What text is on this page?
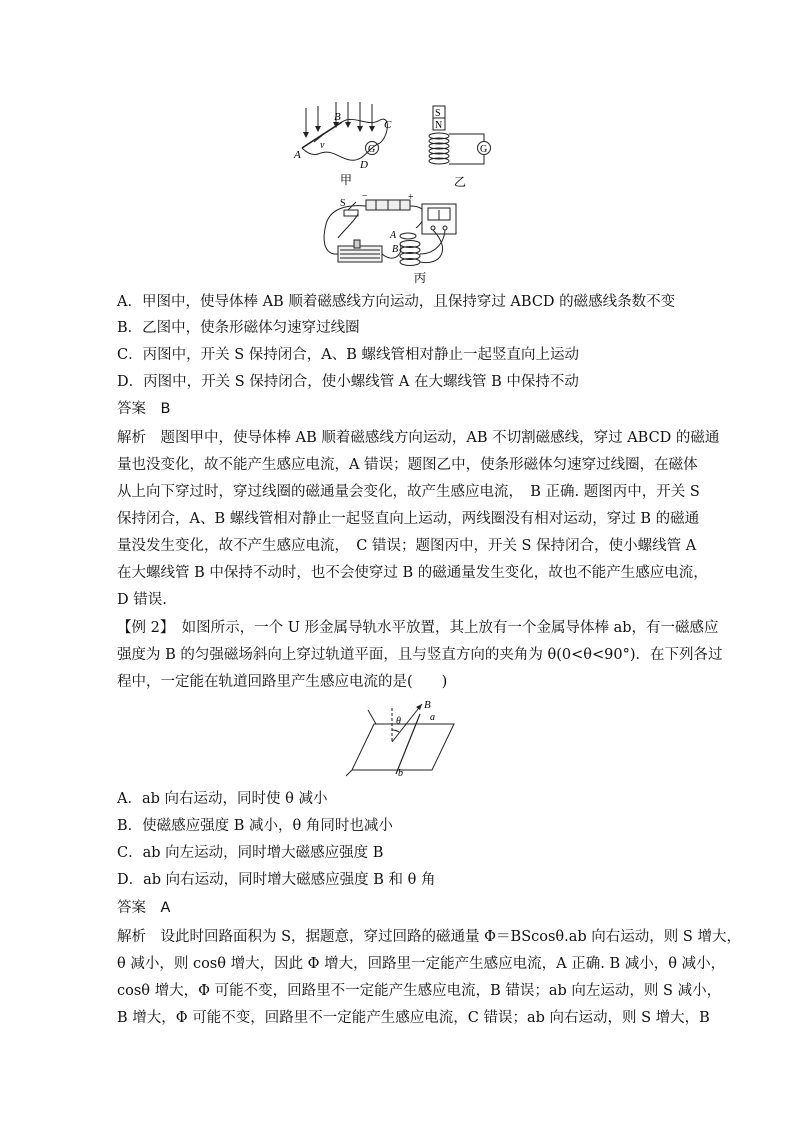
A
B
C
D
v	G
甲
S
N
G
乙
S
−	+
A
B
丙
A．甲图中，使导体棒 AB 顺着磁感线方向运动，且保持穿过 ABCD 的磁感线条数不变
B．乙图中，使条形磁体匀速穿过线圈
C．丙图中，开关 S 保持闭合，A、B 螺线管相对静止一起竖直向上运动
D．丙图中，开关 S 保持闭合，使小螺线管 A 在大螺线管 B 中保持不动
答案　B
解析　题图甲中，使导体棒 AB 顺着磁感线方向运动，AB 不切割磁感线，穿过 ABCD 的磁通
量也没变化，故不能产生感应电流，A 错误；题图乙中，使条形磁体匀速穿过线圈，在磁体
从上向下穿过时，穿过线圈的磁通量会变化，故产生感应电流，　B 正确. 题图丙中，开关 S
保持闭合，A、B 螺线管相对静止一起竖直向上运动，两线圈没有相对运动，穿过 B 的磁通
量没发生变化，故不产生感应电流，　C 错误；题图丙中，开关 S 保持闭合，使小螺线管 A
在大螺线管 B 中保持不动时，也不会使穿过 B 的磁通量发生变化，故也不能产生感应电流，
D 错误.
【例 2】　如图所示，一个 U 形金属导轨水平放置，其上放有一个金属导体棒 ab，有一磁感应
强度为 B 的匀强磁场斜向上穿过轨道平面，且与竖直方向的夹角为 θ(0<θ<90°)．在下列各过
程中，一定能在轨道回路里产生感应电流的是(　　)
B
θ	a
b
A．ab 向右运动，同时使 θ 减小
B．使磁感应强度 B 减小，θ 角同时也减小
C．ab 向左运动，同时增大磁感应强度 B
D．ab 向右运动，同时增大磁感应强度 B 和 θ 角
答案　A
解析　设此时回路面积为 S，据题意，穿过回路的磁通量 Φ＝BScosθ.ab 向右运动，则 S 增大，
θ 减小，则 cosθ 增大，因此 Φ 增大，回路里一定能产生感应电流，A 正确. B 减小，θ 减小，
cosθ 增大，Φ 可能不变，回路里不一定能产生感应电流，B 错误；ab 向左运动，则 S 减小，
B 增大，Φ 可能不变，回路里不一定能产生感应电流，C 错误；ab 向右运动，则 S 增大，B
